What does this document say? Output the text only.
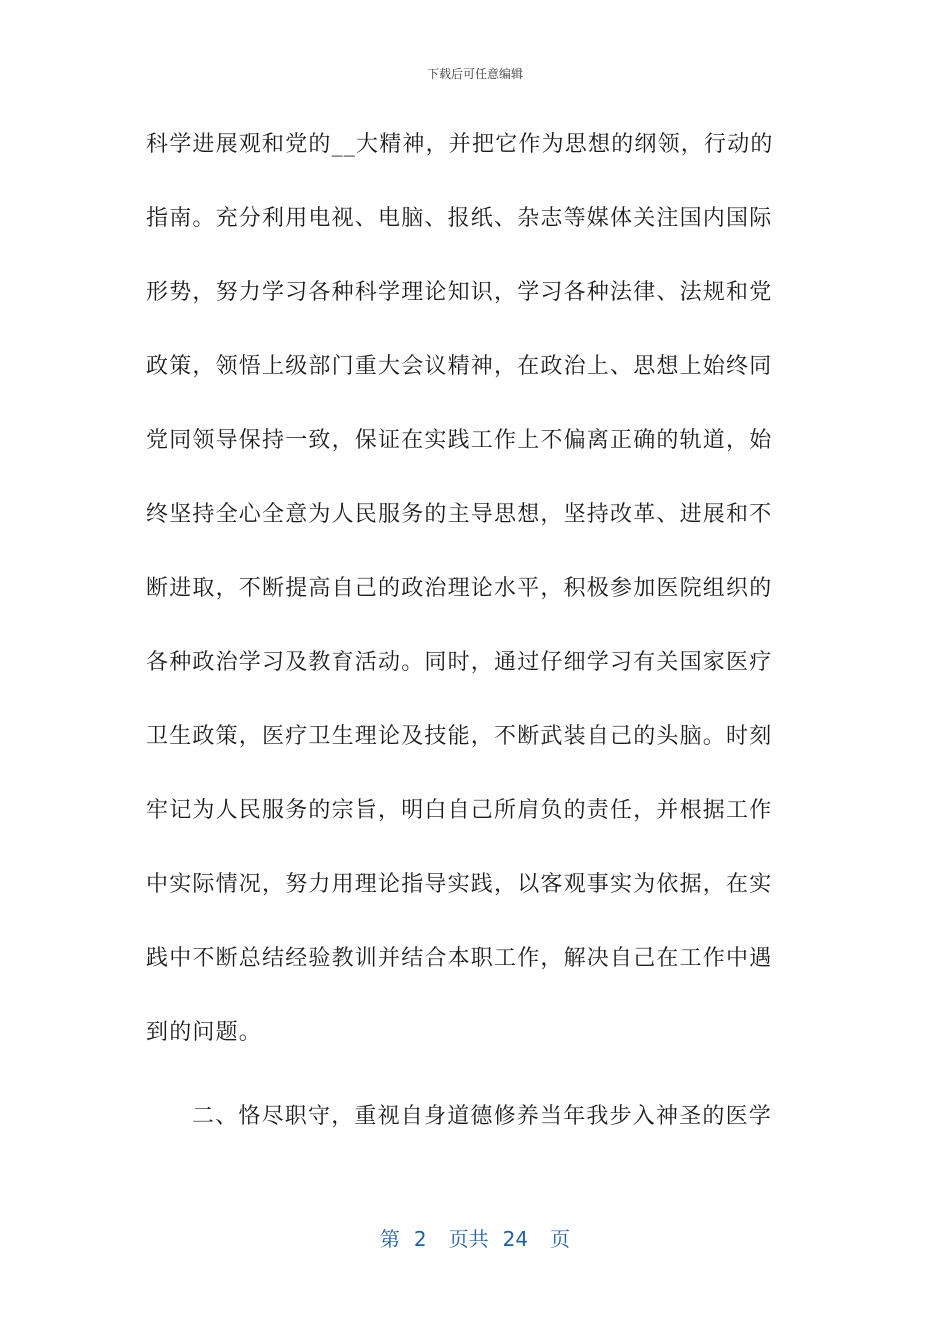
下载后可任意编辑
科学进展观和党的__大精神，并把它作为思想的纲领，行动的
指南。充分利用电视、电脑、报纸、杂志等媒体关注国内国际
形势，努力学习各种科学理论知识，学习各种法律、法规和党
政策，领悟上级部门重大会议精神，在政治上、思想上始终同
党同领导保持一致，保证在实践工作上不偏离正确的轨道，始
终坚持全心全意为人民服务的主导思想，坚持改革、进展和不
断进取，不断提高自己的政治理论水平，积极参加医院组织的
各种政治学习及教育活动。同时，通过仔细学习有关国家医疗
卫生政策，医疗卫生理论及技能，不断武装自己的头脑。时刻
牢记为人民服务的宗旨，明白自己所肩负的责任，并根据工作
中实际情况，努力用理论指导实践，以客观事实为依据，在实
践中不断总结经验教训并结合本职工作，解决自己在工作中遇
到的问题。
二、恪尽职守，重视自身道德修养当年我步入神圣的医学
第 2 页共 24 页
